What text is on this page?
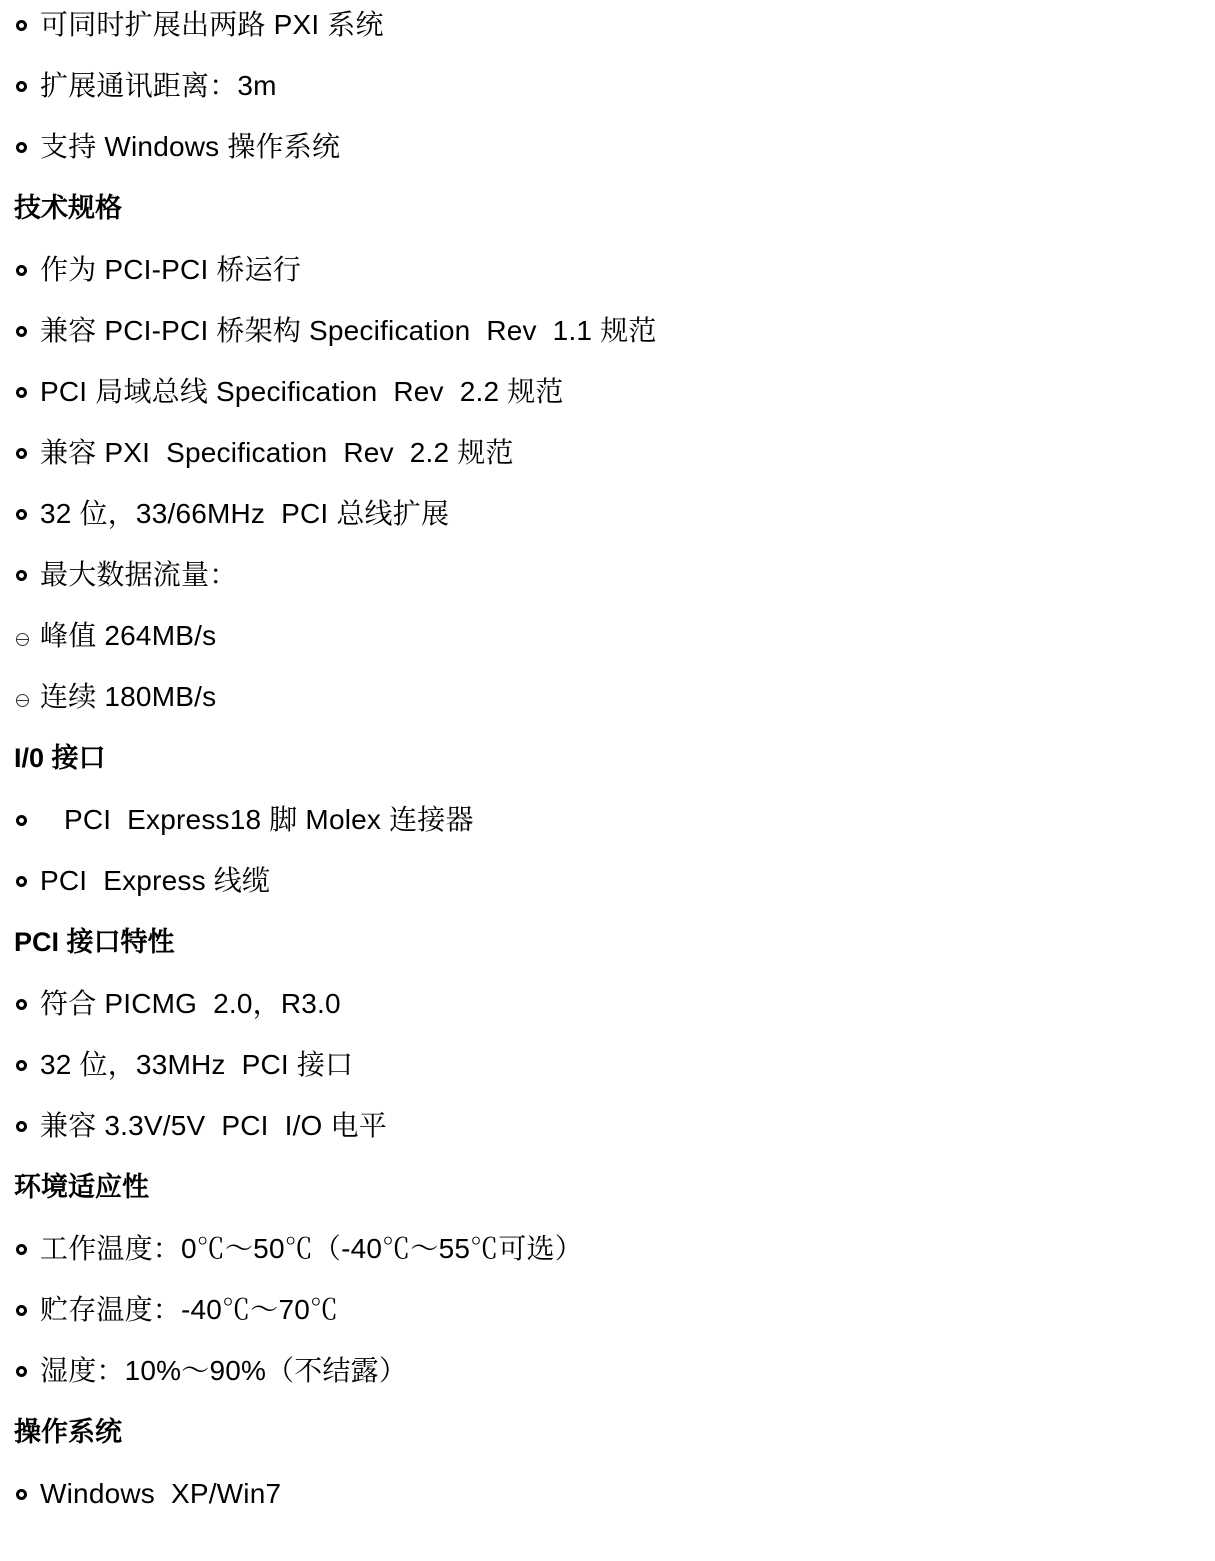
可同时扩展出两路 PXI 系统
扩展通讯距离：3m
支持 Windows 操作系统
技术规格
作为 PCI-PCI 桥运行
兼容 PCI-PCI 桥架构 Specification  Rev  1.1 规范
PCI 局域总线 Specification  Rev  2.2 规范
兼容 PXI  Specification  Rev  2.2 规范
32 位，33/66MHz  PCI 总线扩展
最大数据流量：
峰值 264MB/s
连续 180MB/s
I/0 接口
PCI  Express18 脚 Molex 连接器
PCI  Express 线缆
PCI 接口特性
符合 PICMG  2.0，R3.0
32 位，33MHz  PCI 接口
兼容 3.3V/5V  PCI  I/O 电平
环境适应性
工作温度：0℃～50℃（-40℃～55℃可选）
贮存温度：-40℃～70℃
湿度：10%～90%（不结露）
操作系统
Windows  XP/Win7
